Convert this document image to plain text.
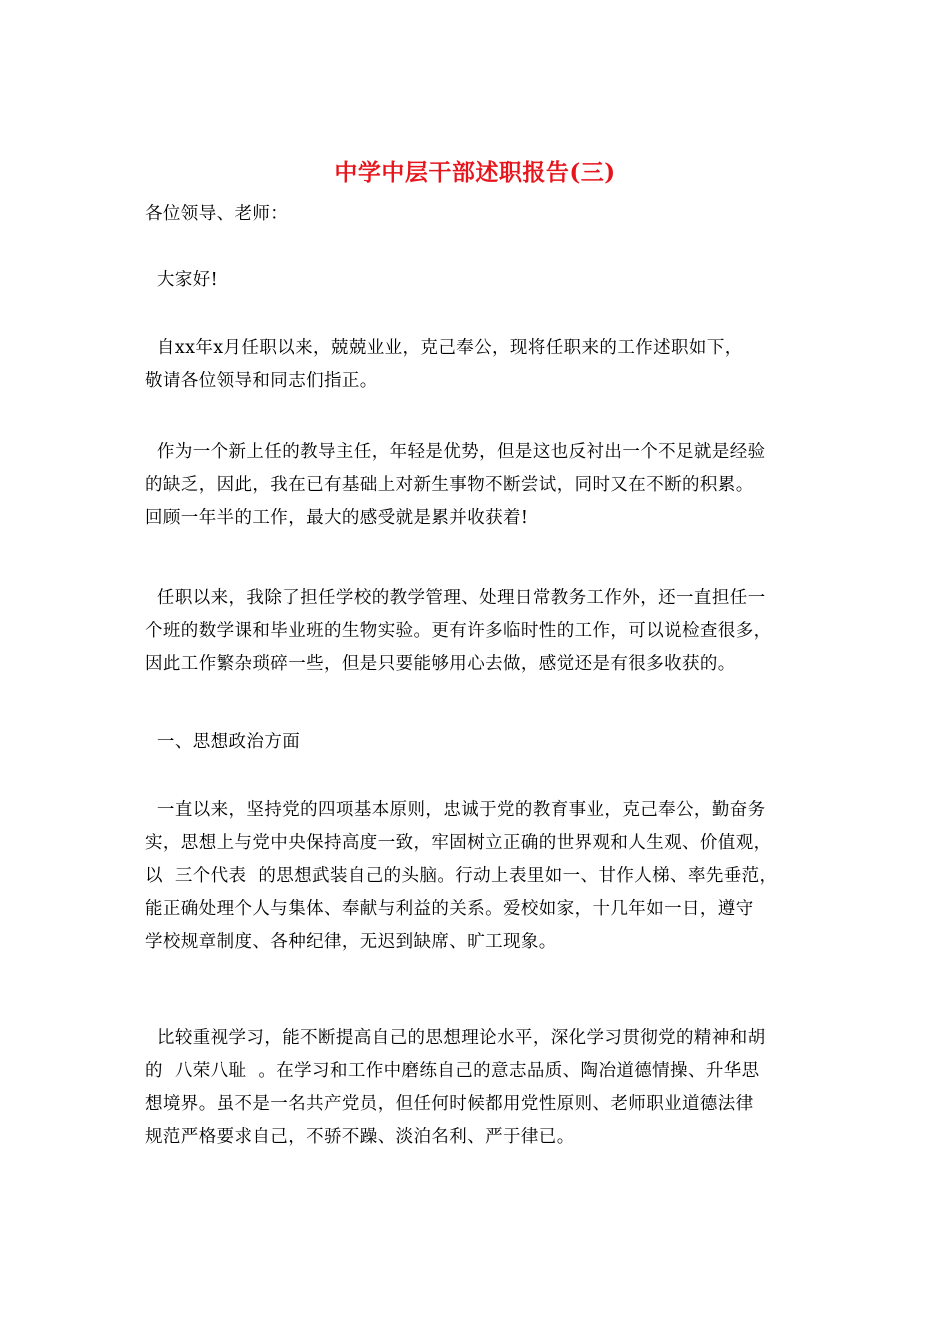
中学中层干部述职报告(三)
各位领导、老师：
大家好!
自xx年x月任职以来，兢兢业业，克己奉公，现将任职来的工作述职如下，
敬请各位领导和同志们指正。
作为一个新上任的教导主任，年轻是优势，但是这也反衬出一个不足就是经验
的缺乏，因此，我在已有基础上对新生事物不断尝试，同时又在不断的积累。
回顾一年半的工作，最大的感受就是累并收获着!
任职以来，我除了担任学校的教学管理、处理日常教务工作外，还一直担任一
个班的数学课和毕业班的生物实验。更有许多临时性的工作，可以说检查很多，
因此工作繁杂琐碎一些，但是只要能够用心去做，感觉还是有很多收获的。
一、思想政治方面
一直以来，坚持党的四项基本原则，忠诚于党的教育事业，克己奉公，勤奋务
实，思想上与党中央保持高度一致，牢固树立正确的世界观和人生观、价值观，
以  三个代表  的思想武装自己的头脑。行动上表里如一、甘作人梯、率先垂范，
能正确处理个人与集体、奉献与利益的关系。爱校如家，十几年如一日，遵守
学校规章制度、各种纪律，无迟到缺席、旷工现象。
比较重视学习，能不断提高自己的思想理论水平，深化学习贯彻党的精神和胡
的  八荣八耻  。在学习和工作中磨练自己的意志品质、陶冶道德情操、升华思
想境界。虽不是一名共产党员，但任何时候都用党性原则、老师职业道德法律
规范严格要求自己，不骄不躁、淡泊名利、严于律已。
